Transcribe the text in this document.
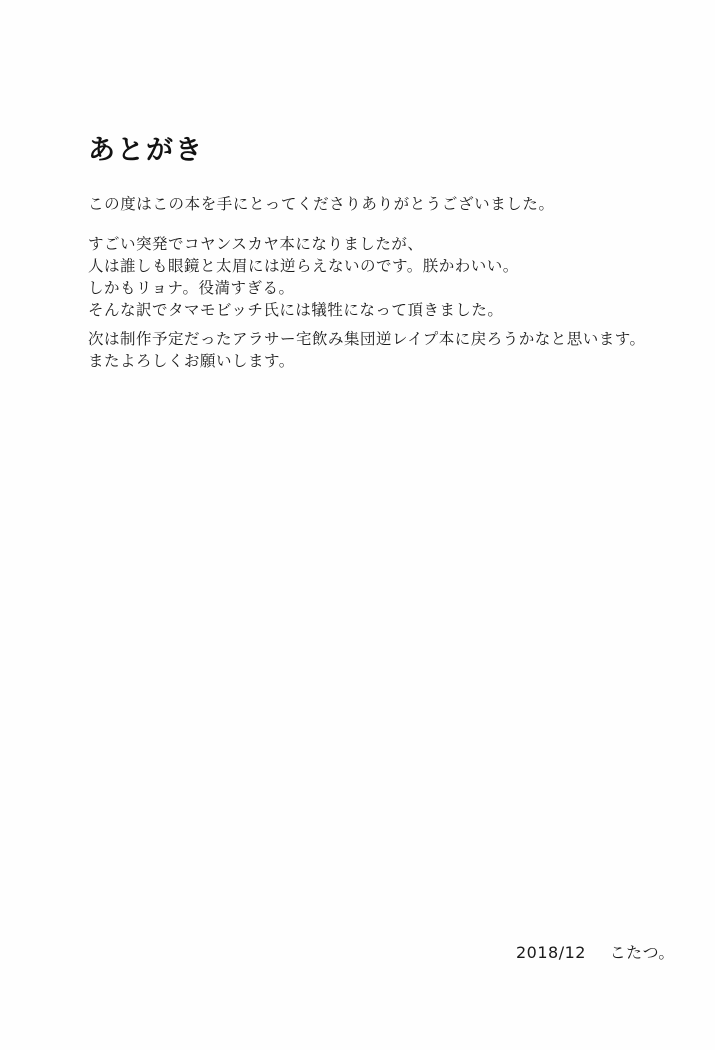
あとがき
この度はこの本を手にとってくださりありがとうございました。
すごい突発でコヤンスカヤ本になりましたが、
人は誰しも眼鏡と太眉には逆らえないのです。朕かわいい。
しかもリョナ。役満すぎる。
そんな訳でタマモビッチ氏には犠牲になって頂きました。
次は制作予定だったアラサー宅飲み集団逆レイプ本に戻ろうかなと思います。
またよろしくお願いします。
2018/12 こたつ。
